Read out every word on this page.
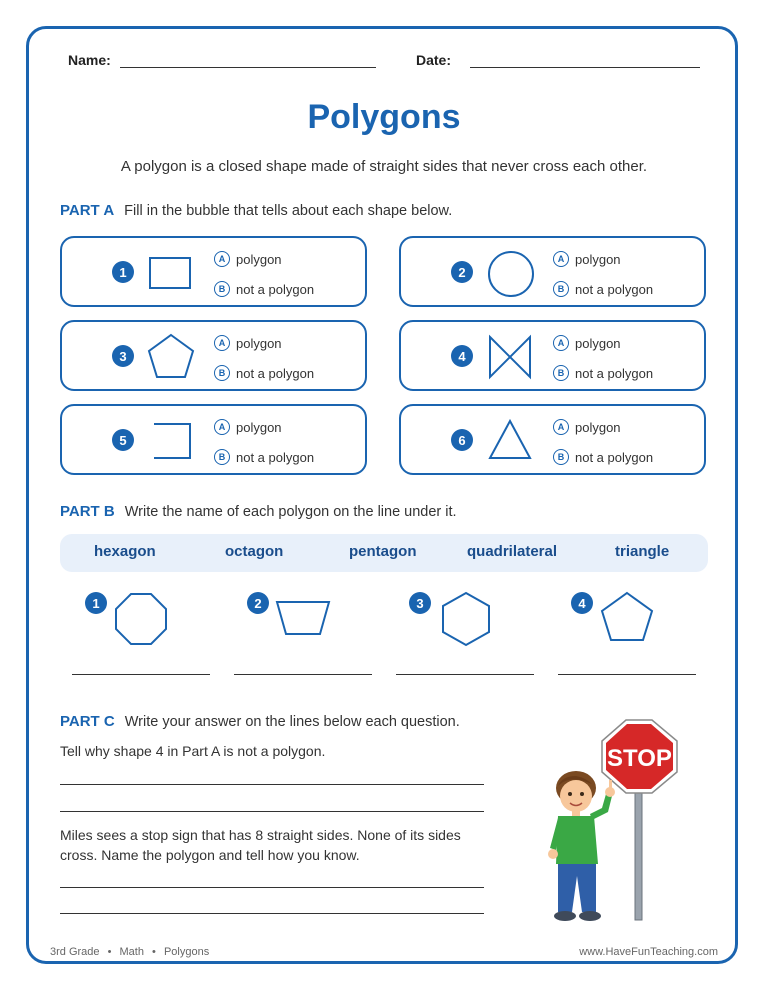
Name:	Date:
Polygons
A polygon is a closed shape made of straight sides that never cross each other.
PART A Fill in the bubble that tells about each shape below.
1
A polygon
B not a polygon
2
A polygon
B not a polygon
3
A polygon
B not a polygon
4
A polygon
B not a polygon
5
A polygon
B not a polygon
6
A polygon
B not a polygon
PART B Write the name of each polygon on the line under it.
hexagon	octagon	pentagon	quadrilateral	triangle
1	2	3	4
PART C Write your answer on the lines below each question.
Tell why shape 4 in Part A is not a polygon.
Miles sees a stop sign that has 8 straight sides. None of its sides
cross. Name the polygon and tell how you know.
STOP
3rd Grade • Math • Polygons	www.HaveFunTeaching.com
